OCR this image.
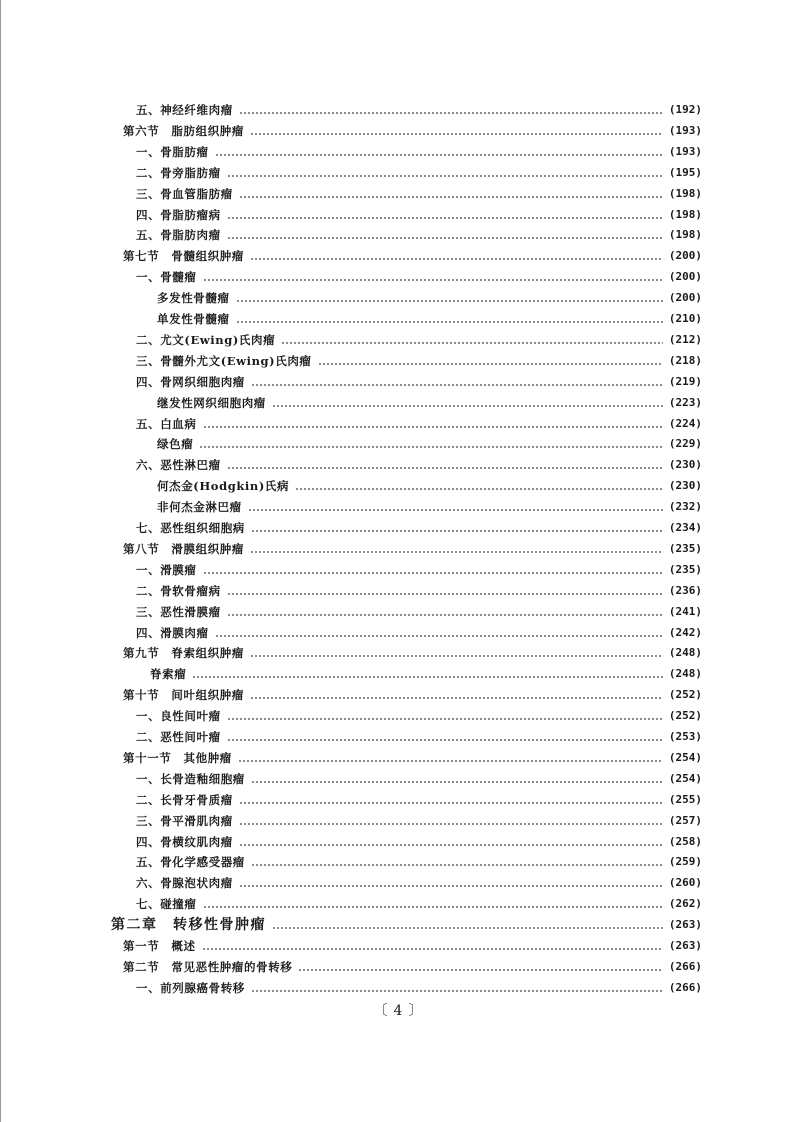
五、神经纤维肉瘤	(192)
第六节　脂肪组织肿瘤	(193)
一、骨脂肪瘤	(193)
二、骨旁脂肪瘤	(195)
三、骨血管脂肪瘤	(198)
四、骨脂肪瘤病	(198)
五、骨脂肪肉瘤	(198)
第七节　骨髓组织肿瘤	(200)
一、骨髓瘤	(200)
多发性骨髓瘤	(200)
单发性骨髓瘤	(210)
二、尤文(Ewing)氏肉瘤	(212)
三、骨髓外尤文(Ewing)氏肉瘤	(218)
四、骨网织细胞肉瘤	(219)
继发性网织细胞肉瘤	(223)
五、白血病	(224)
绿色瘤	(229)
六、恶性淋巴瘤	(230)
何杰金(Hodgkin)氏病	(230)
非何杰金淋巴瘤	(232)
七、恶性组织细胞病	(234)
第八节　滑膜组织肿瘤	(235)
一、滑膜瘤	(235)
二、骨软骨瘤病	(236)
三、恶性滑膜瘤	(241)
四、滑膜肉瘤	(242)
第九节　脊索组织肿瘤	(248)
脊索瘤	(248)
第十节　间叶组织肿瘤	(252)
一、良性间叶瘤	(252)
二、恶性间叶瘤	(253)
第十一节　其他肿瘤	(254)
一、长骨造釉细胞瘤	(254)
二、长骨牙骨质瘤	(255)
三、骨平滑肌肉瘤	(257)
四、骨横纹肌肉瘤	(258)
五、骨化学感受器瘤	(259)
六、骨腺泡状肉瘤	(260)
七、碰撞瘤	(262)
第二章　转移性骨肿瘤	(263)
第一节　概述	(263)
第二节　常见恶性肿瘤的骨转移	(266)
一、前列腺癌骨转移	(266)
〔4〕
